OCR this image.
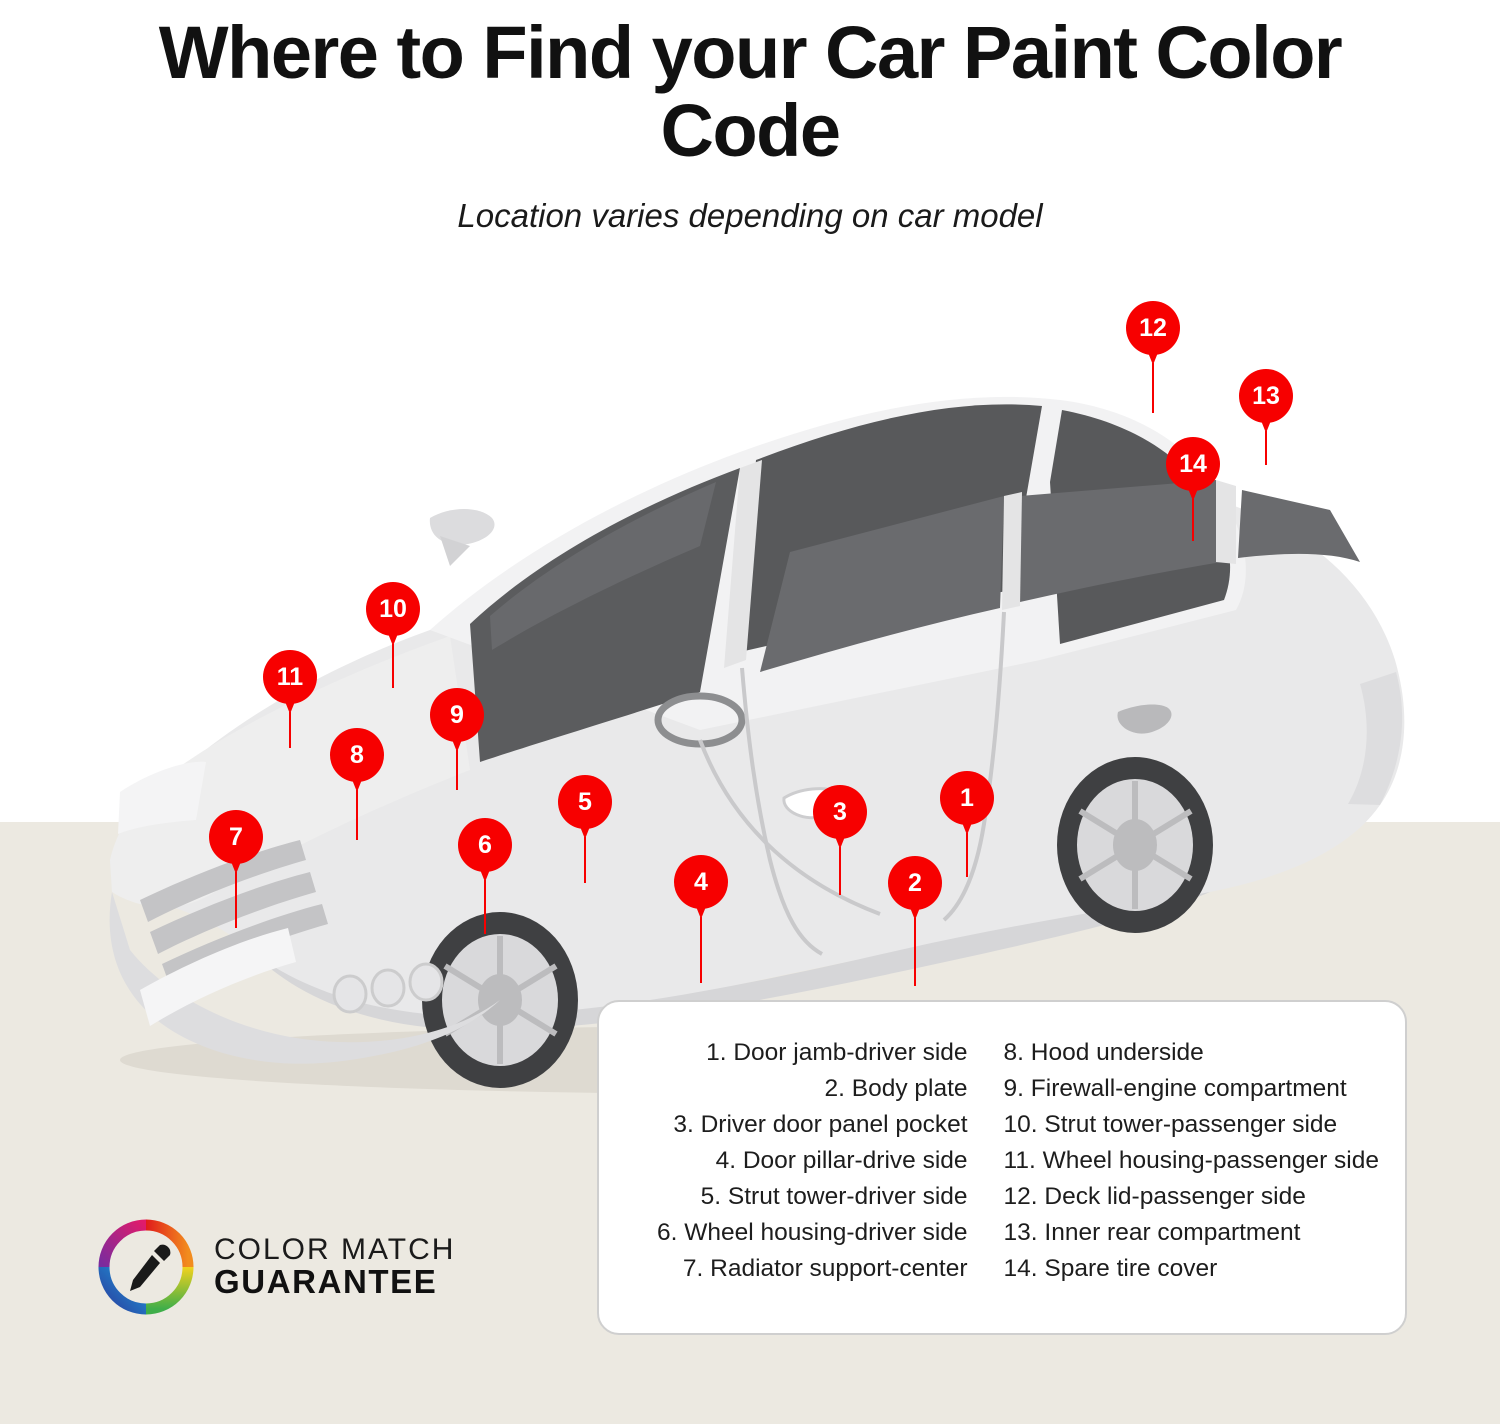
Where to Find your Car Paint Color Code
Location varies depending on car model
1
2
3
4
5
6
7
8
9
10
11
12
13
14
1. Door jamb-driver side
2. Body plate
3. Driver door panel pocket
4. Door pillar-drive side
5. Strut tower-driver side
6. Wheel housing-driver side
7. Radiator support-center
8. Hood underside
9. Firewall-engine compartment
10. Strut tower-passenger side
11. Wheel housing-passenger side
12. Deck lid-passenger side
13. Inner rear compartment
14. Spare tire cover
COLOR MATCH
GUARANTEE
